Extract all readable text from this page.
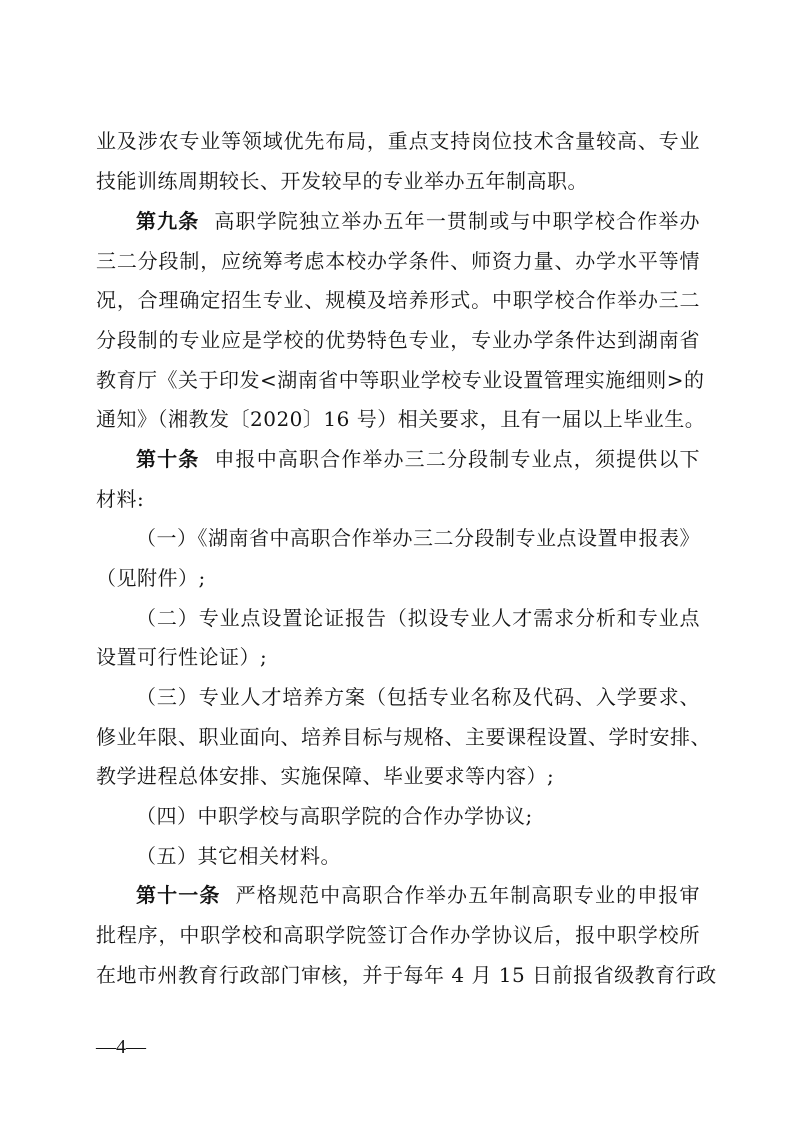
业及涉农专业等领域优先布局，重点支持岗位技术含量较高、专业
技能训练周期较长、开发较早的专业举办五年制高职。
第九条 高职学院独立举办五年一贯制或与中职学校合作举办
三二分段制，应统筹考虑本校办学条件、师资力量、办学水平等情
况，合理确定招生专业、规模及培养形式。中职学校合作举办三二
分段制的专业应是学校的优势特色专业，专业办学条件达到湖南省
教育厅《关于印发<湖南省中等职业学校专业设置管理实施细则>的
通知》（湘教发〔2020〕16 号）相关要求，且有一届以上毕业生。
第十条 申报中高职合作举办三二分段制专业点，须提供以下
材料:
（一）《湖南省中高职合作举办三二分段制专业点设置申报表》
（见附件）;
（二）专业点设置论证报告（拟设专业人才需求分析和专业点
设置可行性论证）;
（三）专业人才培养方案（包括专业名称及代码、入学要求、
修业年限、职业面向、培养目标与规格、主要课程设置、学时安排、
教学进程总体安排、实施保障、毕业要求等内容）;
（四）中职学校与高职学院的合作办学协议;
（五）其它相关材料。
第十一条 严格规范中高职合作举办五年制高职专业的申报审
批程序，中职学校和高职学院签订合作办学协议后，报中职学校所
在地市州教育行政部门审核，并于每年 4 月 15 日前报省级教育行政
—4—
